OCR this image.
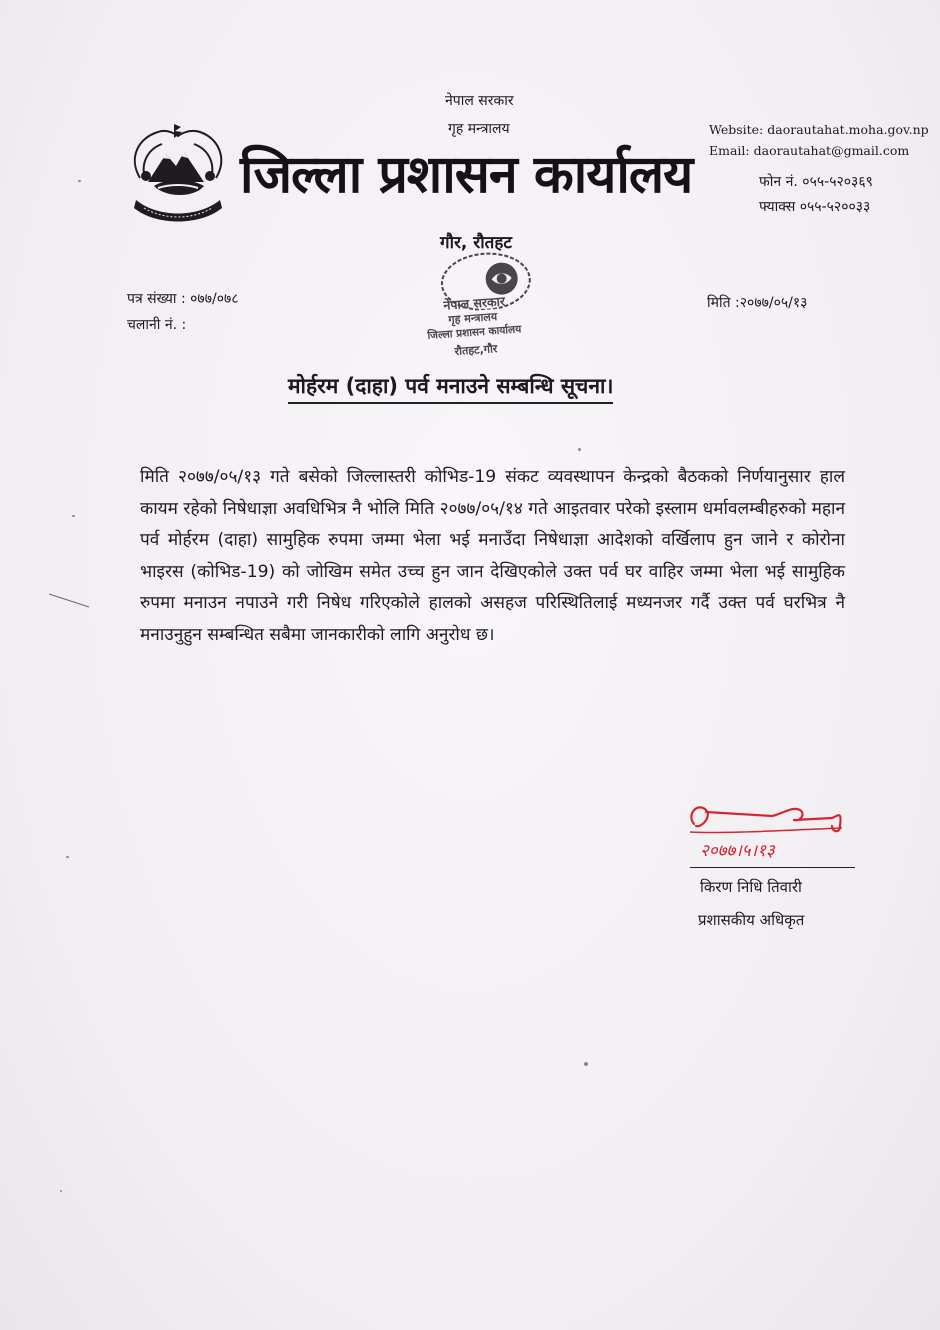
नेपाल सरकार
गृह मन्त्रालय	Website: daorautahat.moha.gov.np
Email: daorautahat@gmail.com
जिल्ला प्रशासन कार्यालय	फोन नं. ०५५-५२०३६९
फ्याक्स ०५५-५२००३३
गौर, रौतहट
पत्र संख्या : ०७७/०७८
चलानी नं. :
मिति :२०७७/०५/१३
नेपाल सरकार
गृह मन्त्रालय
जिल्ला प्रशासन कार्यालय
रौतहट,गौर
मोर्हरम (दाहा) पर्व मनाउने सम्बन्धि सूचना।
मिति २०७७/०५/१३ गते बसेको जिल्लास्तरी कोभिड-19 संकट व्यवस्थापन केन्द्रको बैठकको निर्णयानुसार हाल कायम रहेको निषेधाज्ञा अवधिभित्र नै भोलि मिति २०७७/०५/१४ गते आइतवार परेको इस्लाम धर्मावलम्बीहरुको महान पर्व मोर्हरम (दाहा) सामुहिक रुपमा जम्मा भेला भई मनाउँदा निषेधाज्ञा आदेशको वर्खिलाप हुन जाने र कोरोना भाइरस (कोभिड-19) को जोखिम समेत उच्च हुन जान देखिएकोले उक्त पर्व घर वाहिर जम्मा भेला भई सामुहिक रुपमा मनाउन नपाउने गरी निषेध गरिएकोले हालको असहज परिस्थितिलाई मध्यनजर गर्दै उक्त पर्व घरभित्र नै मनाउनुहुन सम्बन्धित सबैमा जानकारीको लागि अनुरोध छ।
२०७७।५।१३
किरण निधि तिवारी
प्रशासकीय अधिकृत
